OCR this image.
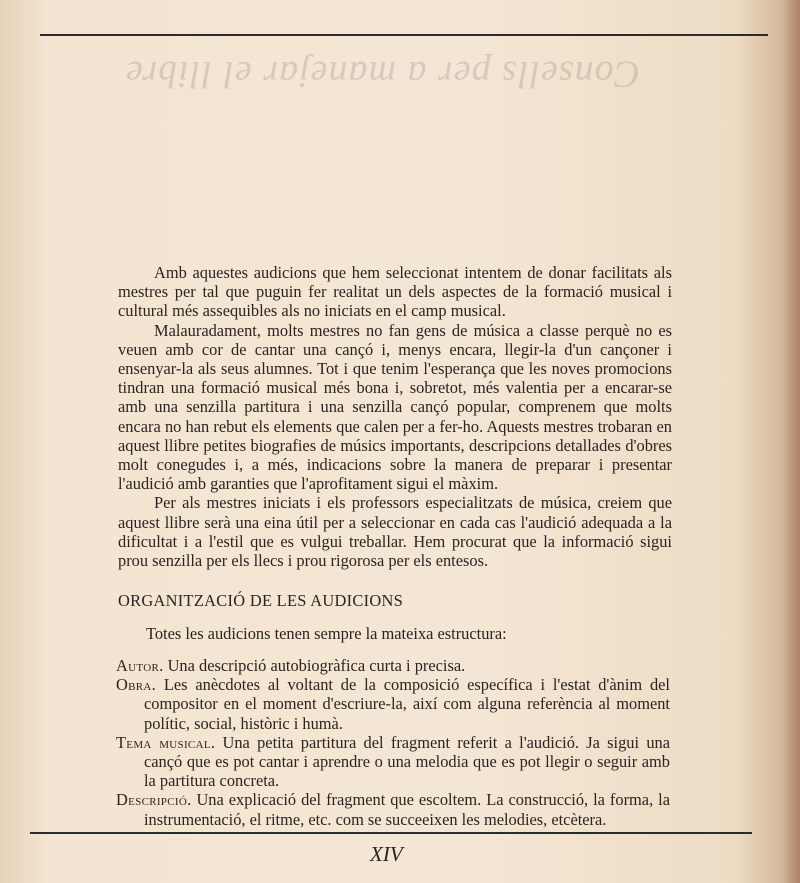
Consells per a manejar el llibre

Amb aquestes audicions que hem seleccionat intentem de donar facilitats als mestres per tal que puguin fer realitat un dels aspectes de la formació musical i cultural més assequibles als no iniciats en el camp musical.

Malauradament, molts mestres no fan gens de música a classe perquè no es veuen amb cor de cantar una cançó i, menys encara, llegir-la d'un cançoner i ensenyar-la als seus alumnes. Tot i que tenim l'esperança que les noves promocions tindran una formació musical més bona i, sobretot, més valentia per a encarar-se amb una senzilla partitura i una senzilla cançó popular, comprenem que molts encara no han rebut els elements que calen per a fer-ho. Aquests mestres trobaran en aquest llibre petites biografies de músics importants, descripcions detallades d'obres molt conegudes i, a més, indicacions sobre la manera de preparar i presentar l'audició amb garanties que l'aprofitament sigui el màxim.

Per als mestres iniciats i els professors especialitzats de música, creiem que aquest llibre serà una eina útil per a seleccionar en cada cas l'audició adequada a la dificultat i a l'estil que es vulgui treballar. Hem procurat que la informació sigui prou senzilla per els llecs i prou rigorosa per els entesos.

ORGANITZACIÓ DE LES AUDICIONS
Totes les audicions tenen sempre la mateixa estructura:

Autor. Una descripció autobiogràfica curta i precisa.

Obra. Les anècdotes al voltant de la composició específica i l'estat d'ànim del compositor en el moment d'escriure-la, així com alguna referència al moment polític, social, històric i humà.

Tema musical. Una petita partitura del fragment referit a l'audició. Ja sigui una cançó que es pot cantar i aprendre o una melodia que es pot llegir o seguir amb la partitura concreta.

Descripció. Una explicació del fragment que escoltem. La construcció, la forma, la instrumentació, el ritme, etc. com se succeeixen les melodies, etcètera.

XIV
